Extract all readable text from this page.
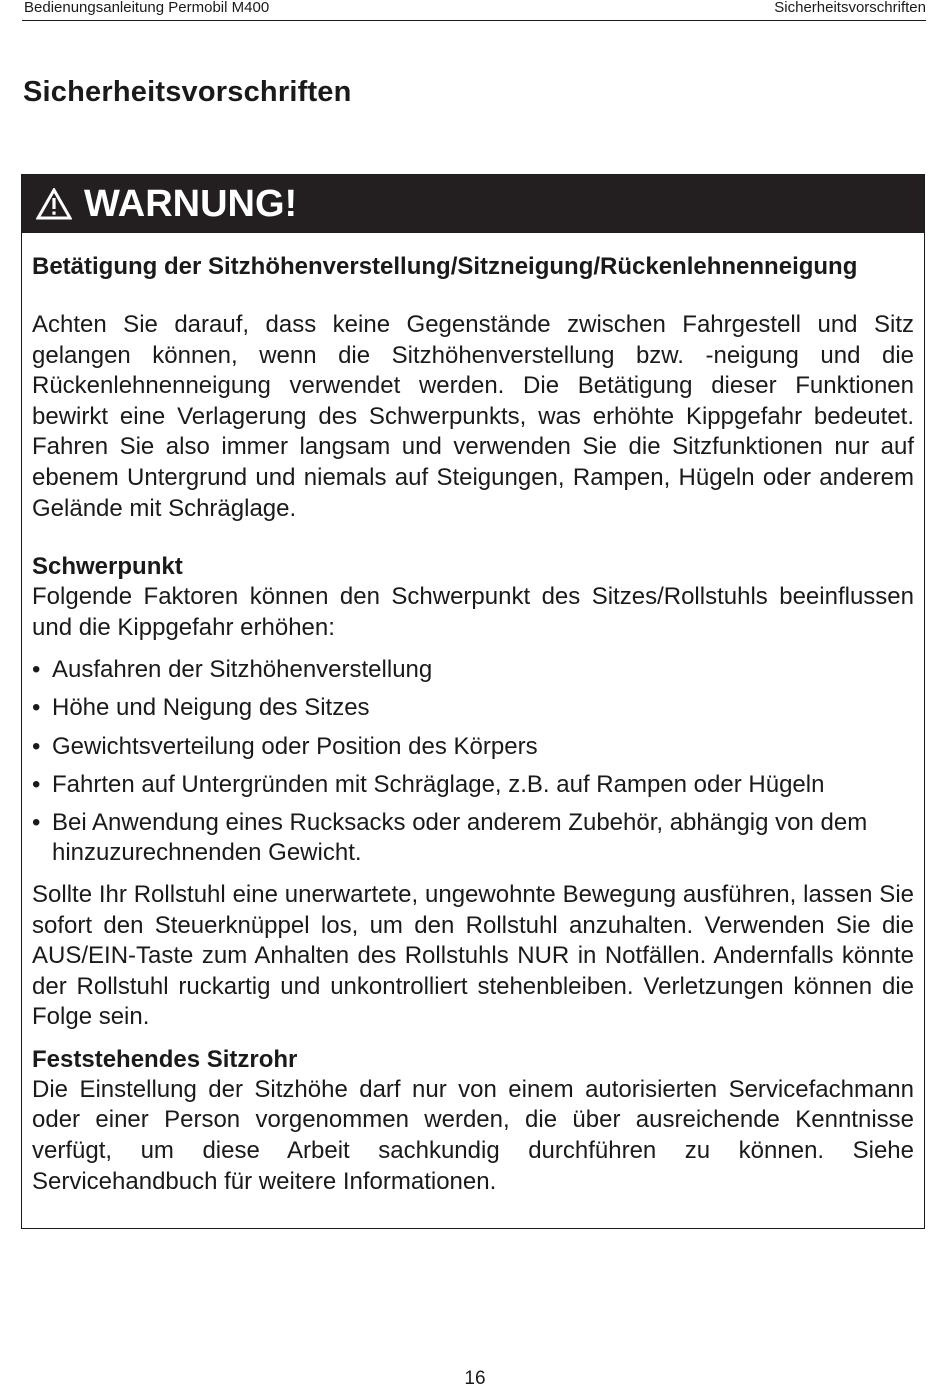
Bedienungsanleitung Permobil M400	Sicherheitsvorschriften
Sicherheitsvorschriften
WARNUNG!

Betätigung der Sitzhöhenverstellung/Sitzneigung/Rückenlehnenneigung

Achten Sie darauf, dass keine Gegenstände zwischen Fahrgestell und Sitz gelangen können, wenn die Sitzhöhenverstellung bzw. -neigung und die Rückenlehnenneigung verwendet werden. Die Betätigung dieser Funktionen bewirkt eine Verlagerung des Schwerpunkts, was erhöhte Kippgefahr bedeutet. Fahren Sie also immer langsam und verwenden Sie die Sitzfunktionen nur auf ebenem Untergrund und niemals auf Steigungen, Rampen, Hügeln oder anderem Gelände mit Schräglage.

Schwerpunkt

Folgende Faktoren können den Schwerpunkt des Sitzes/Rollstuhls beeinflussen und die Kippgefahr erhöhen:

• Ausfahren der Sitzhöhenverstellung
• Höhe und Neigung des Sitzes
• Gewichtsverteilung oder Position des Körpers
• Fahrten auf Untergründen mit Schräglage, z.B. auf Rampen oder Hügeln
• Bei Anwendung eines Rucksacks oder anderem Zubehör, abhängig von dem hinzuzurechnenden Gewicht.

Sollte Ihr Rollstuhl eine unerwartete, ungewohnte Bewegung ausführen, lassen Sie sofort den Steuerknüppel los, um den Rollstuhl anzuhalten. Verwenden Sie die AUS/EIN-Taste zum Anhalten des Rollstuhls NUR in Notfällen. Andernfalls könnte der Rollstuhl ruckartig und unkontrolliert stehenbleiben. Verletzungen können die Folge sein.

Feststehendes Sitzrohr

Die Einstellung der Sitzhöhe darf nur von einem autorisierten Servicefachmann oder einer Person vorgenommen werden, die über ausreichende Kenntnisse verfügt, um diese Arbeit sachkundig durchführen zu können. Siehe Servicehandbuch für weitere Informationen.

16
